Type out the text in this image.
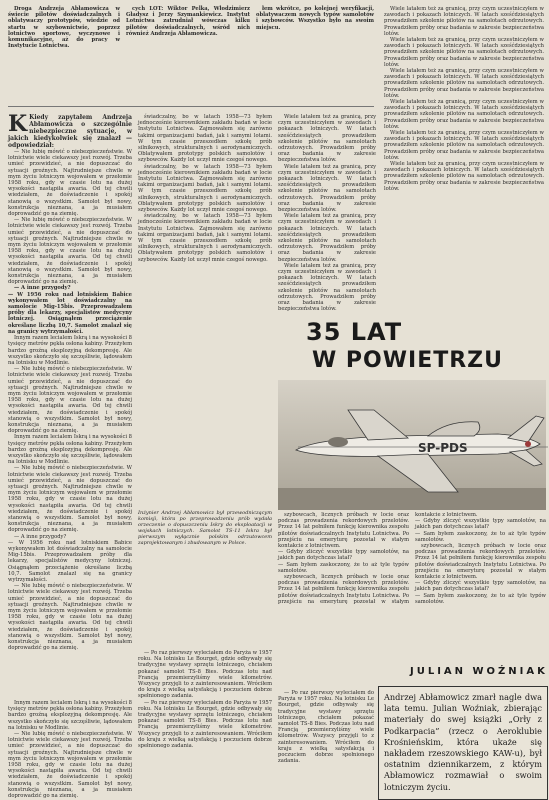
Droga Andrzeja Abłamowicza w świecie pilotów doświadczalnych i oblatywaczy prototypów, wiedzie od startu w szybownictwie, poprzez lotnictwo sportowe, wyczynowe i komunikacyjne, aż do pracy w Instytucie Lotnictwa.

cych LOT: Wiktor Pelka, Włodzimierz Gładysz i Jerzy Szymankiewicz. Instytut Lotnictwa zatrudniał wówczas kilku pilotów doświadczalnych, wśród nich również Andrzeja Abłamowicza.

łem wkrótce, po kolejnej weryfikacji, oblatywaczem nowych typów samolotów i szybowców. Wszystko było na swoim miejscu.

Wiele latałem też za granicą, przy czym uczestniczyłem w zawodach i pokazach lotniczych. W latach sześćdziesiątych prowadziłem szkolenie pilotów na samolotach odrzutowych. Prowadziłem próby oraz badania w zakresie bezpieczeństwa lotów.

Wiele latałem też za granicą, przy czym uczestniczyłem w zawodach i pokazach lotniczych. W latach sześćdziesiątych prowadziłem szkolenie pilotów na samolotach odrzutowych. Prowadziłem próby oraz badania w zakresie bezpieczeństwa lotów.

Wiele latałem też za granicą, przy czym uczestniczyłem w zawodach i pokazach lotniczych. W latach sześćdziesiątych prowadziłem szkolenie pilotów na samolotach odrzutowych. Prowadziłem próby oraz badania w zakresie bezpieczeństwa lotów.

Wiele latałem też za granicą, przy czym uczestniczyłem w zawodach i pokazach lotniczych. W latach sześćdziesiątych prowadziłem szkolenie pilotów na samolotach odrzutowych. Prowadziłem próby oraz badania w zakresie bezpieczeństwa lotów.

Wiele latałem też za granicą, przy czym uczestniczyłem w zawodach i pokazach lotniczych. W latach sześćdziesiątych prowadziłem szkolenie pilotów na samolotach odrzutowych. Prowadziłem próby oraz badania w zakresie bezpieczeństwa lotów.

Wiele latałem też za granicą, przy czym uczestniczyłem w zawodach i pokazach lotniczych. W latach sześćdziesiątych prowadziłem szkolenie pilotów na samolotach odrzutowych. Prowadziłem próby oraz badania w zakresie bezpieczeństwa lotów.

K Kiedy zapytałem Andrzeja Abłamowicza o szczególnie niebezpieczne sytuacje, w jakich kiedykolwiek się znalazł — odpowiedział:

— Nie lubię mówić o niebezpieczeństwie. W lotnictwie wiele ciekawszy jest rozwój. Trzeba umieć przewidzieć, a nie dopuszczać do sytuacji groźnych. Najtrudniejsze chwile w mym życiu lotniczym wojowałem w przełomie 1958 roku, gdy w czasie lotu na dużej wysokości nastąpiła awaria. Od tej chwili wiedziałem, że doświadczenie i spokój stanowią o wszystkim. Samolot był nowy, konstrukcja nieznana, a ja musiałem doprowadzić go na ziemię.

— Nie lubię mówić o niebezpieczeństwie. W lotnictwie wiele ciekawszy jest rozwój. Trzeba umieć przewidzieć, a nie dopuszczać do sytuacji groźnych. Najtrudniejsze chwile w mym życiu lotniczym wojowałem w przełomie 1958 roku, gdy w czasie lotu na dużej wysokości nastąpiła awaria. Od tej chwili wiedziałem, że doświadczenie i spokój stanowią o wszystkim. Samolot był nowy, konstrukcja nieznana, a ja musiałem doprowadzić go na ziemię.

— A inne przygody?
— W 1956 roku nad lotniskiem Babice wykonywałem lot doświadczalny na samolocie Mig-15bis. Przeprowadzałem próby dla lekarzy, specjalistów medycyny lotniczej. Osiągnąłem przeciążenie określane liczbą 10,7. Samolot znalazł się na granicy wytrzymałości.

Innym razem lecialem Iskrą i na wysokości 8 tysięcy metrów pękła osłona kabiny. Przeżyłem bardzo groźną eksplozyjną dekompresję. Ale wszystko skończyło się szczęśliwie, lądowałem na lotnisku w Modlinie.

— Nie lubię mówić o niebezpieczeństwie. W lotnictwie wiele ciekawszy jest rozwój. Trzeba umieć przewidzieć, a nie dopuszczać do sytuacji groźnych. Najtrudniejsze chwile w mym życiu lotniczym wojowałem w przełomie 1958 roku, gdy w czasie lotu na dużej wysokości nastąpiła awaria. Od tej chwili wiedziałem, że doświadczenie i spokój stanowią o wszystkim. Samolot był nowy, konstrukcja nieznana, a ja musiałem doprowadzić go na ziemię.

Innym razem lecialem Iskrą i na wysokości 8 tysięcy metrów pękła osłona kabiny. Przeżyłem bardzo groźną eksplozyjną dekompresję. Ale wszystko skończyło się szczęśliwie, lądowałem na lotnisku w Modlinie.

— Nie lubię mówić o niebezpieczeństwie. W lotnictwie wiele ciekawszy jest rozwój. Trzeba umieć przewidzieć, a nie dopuszczać do sytuacji groźnych. Najtrudniejsze chwile w mym życiu lotniczym wojowałem w przełomie 1958 roku, gdy w czasie lotu na dużej wysokości nastąpiła awaria. Od tej chwili wiedziałem, że doświadczenie i spokój stanowią o wszystkim. Samolot był nowy, konstrukcja nieznana, a ja musiałem doprowadzić go na ziemię.

— A inne przygody?
— W 1956 roku nad lotniskiem Babice wykonywałem lot doświadczalny na samolocie Mig-15bis. Przeprowadzałem próby dla lekarzy, specjalistów medycyny lotniczej. Osiągnąłem przeciążenie określane liczbą 10,7. Samolot znalazł się na granicy wytrzymałości.

— Nie lubię mówić o niebezpieczeństwie. W lotnictwie wiele ciekawszy jest rozwój. Trzeba umieć przewidzieć, a nie dopuszczać do sytuacji groźnych. Najtrudniejsze chwile w mym życiu lotniczym wojowałem w przełomie 1958 roku, gdy w czasie lotu na dużej wysokości nastąpiła awaria. Od tej chwili wiedziałem, że doświadczenie i spokój stanowią o wszystkim. Samolot był nowy, konstrukcja nieznana, a ja musiałem doprowadzić go na ziemię.

świadczalny, bo w latach 1958—73 byłem jednocześnie kierownikiem zakładu badań w locie Instytutu Lotnictwa. Zajmowałem się zarówno takimi organizacjami badań, jak i samymi lotami. W tym czasie przeszedłem szkołę prób silnikowych, strukturalnych i aerodynamicznych. Oblatywałem prototypy polskich samolotów i szybowców. Każdy lot uczył mnie czegoś nowego.

świadczalny, bo w latach 1958—73 byłem jednocześnie kierownikiem zakładu badań w locie Instytutu Lotnictwa. Zajmowałem się zarówno takimi organizacjami badań, jak i samymi lotami. W tym czasie przeszedłem szkołę prób silnikowych, strukturalnych i aerodynamicznych. Oblatywałem prototypy polskich samolotów i szybowców. Każdy lot uczył mnie czegoś nowego.

świadczalny, bo w latach 1958—73 byłem jednocześnie kierownikiem zakładu badań w locie Instytutu Lotnictwa. Zajmowałem się zarówno takimi organizacjami badań, jak i samymi lotami. W tym czasie przeszedłem szkołę prób silnikowych, strukturalnych i aerodynamicznych. Oblatywałem prototypy polskich samolotów i szybowców. Każdy lot uczył mnie czegoś nowego.

Wiele latałem też za granicą, przy czym uczestniczyłem w zawodach i pokazach lotniczych. W latach sześćdziesiątych prowadziłem szkolenie pilotów na samolotach odrzutowych. Prowadziłem próby oraz badania w zakresie bezpieczeństwa lotów.

Wiele latałem też za granicą, przy czym uczestniczyłem w zawodach i pokazach lotniczych. W latach sześćdziesiątych prowadziłem szkolenie pilotów na samolotach odrzutowych. Prowadziłem próby oraz badania w zakresie bezpieczeństwa lotów.

Wiele latałem też za granicą, przy czym uczestniczyłem w zawodach i pokazach lotniczych. W latach sześćdziesiątych prowadziłem szkolenie pilotów na samolotach odrzutowych. Prowadziłem próby oraz badania w zakresie bezpieczeństwa lotów.

Wiele latałem też za granicą, przy czym uczestniczyłem w zawodach i pokazach lotniczych. W latach sześćdziesiątych prowadziłem szkolenie pilotów na samolotach odrzutowych. Prowadziłem próby oraz badania w zakresie bezpieczeństwa lotów.

35 LAT
W POWIETRZU
SP-PDS
Inżynier Andrzej Abłamowicz był przewodniczącym komisji, która po przeprowadzeniu prób wydała orzeczenie o dopuszczeniu Iskry do eksploatacji w wojskach lotniczych. Samolot TS-11 Iskra był pierwszym wyłącznie polskim odrzutowcem zaprojektowanym i zbudowanym w Polsce.

— Po raz pierwszy wyleciałem do Paryża w 1957 roku. Na lotnisku Le Bourget, gdzie odbywały się tradycyjne wystawy sprzętu lotniczego, chciałem pokazać samolot TS-8 Bies. Podczas lotu nad Francją przemierzyliśmy wiele kilometrów. Wszyscy przyjęli to z zainteresowaniem. Wróciłem do kraju z wielką satysfakcją i poczuciem dobrze spełnionego zadania.

— Po raz pierwszy wyleciałem do Paryża w 1957 roku. Na lotnisku Le Bourget, gdzie odbywały się tradycyjne wystawy sprzętu lotniczego, chciałem pokazać samolot TS-8 Bies. Podczas lotu nad Francją przemierzyliśmy wiele kilometrów. Wszyscy przyjęli to z zainteresowaniem. Wróciłem do kraju z wielką satysfakcją i poczuciem dobrze spełnionego zadania.

Innym razem lecialem Iskrą i na wysokości 8 tysięcy metrów pękła osłona kabiny. Przeżyłem bardzo groźną eksplozyjną dekompresję. Ale wszystko skończyło się szczęśliwie, lądowałem na lotnisku w Modlinie.

— Nie lubię mówić o niebezpieczeństwie. W lotnictwie wiele ciekawszy jest rozwój. Trzeba umieć przewidzieć, a nie dopuszczać do sytuacji groźnych. Najtrudniejsze chwile w mym życiu lotniczym wojowałem w przełomie 1958 roku, gdy w czasie lotu na dużej wysokości nastąpiła awaria. Od tej chwili wiedziałem, że doświadczenie i spokój stanowią o wszystkim. Samolot był nowy, konstrukcja nieznana, a ja musiałem doprowadzić go na ziemię.

szybowcach, licznych próbach w locie oraz podczas prowadzenia rekordowych przelotów. Przez 14 lat pełniłem funkcję kierownika zespołu pilotów doświadczalnych Instytutu Lotnictwa. Po przejściu na emeryturę pozostał w stałym kontakcie z lotnictwem.
— Gdyby zliczyć wszystkie typy samolotów, na jakich pan dotychczas latał?
— Sam byłem zaskoczony, że to aż tyle typów samolotów.

szybowcach, licznych próbach w locie oraz podczas prowadzenia rekordowych przelotów. Przez 14 lat pełniłem funkcję kierownika zespołu pilotów doświadczalnych Instytutu Lotnictwa. Po przejściu na emeryturę pozostał w stałym kontakcie z lotnictwem.
— Gdyby zliczyć wszystkie typy samolotów, na jakich pan dotychczas latał?
— Sam byłem zaskoczony, że to aż tyle typów samolotów.

szybowcach, licznych próbach w locie oraz podczas prowadzenia rekordowych przelotów. Przez 14 lat pełniłem funkcję kierownika zespołu pilotów doświadczalnych Instytutu Lotnictwa. Po przejściu na emeryturę pozostał w stałym kontakcie z lotnictwem.
— Gdyby zliczyć wszystkie typy samolotów, na jakich pan dotychczas latał?
— Sam byłem zaskoczony, że to aż tyle typów samolotów.

JULIAN WOŹNIAK
Andrzej Abłamowicz zmarł nagle dwa lata temu. Julian Woźniak, zbierając materiały do swej książki „Orły z Podkarpacia” (rzecz o Aeroklubie Krośnieńskim, która ukaże się nakładem rzeszowskiego KAW-u), był ostatnim dziennikarzem, z którym Abłamowicz rozmawiał o swoim lotniczym życiu.

— Po raz pierwszy wyleciałem do Paryża w 1957 roku. Na lotnisku Le Bourget, gdzie odbywały się tradycyjne wystawy sprzętu lotniczego, chciałem pokazać samolot TS-8 Bies. Podczas lotu nad Francją przemierzyliśmy wiele kilometrów. Wszyscy przyjęli to z zainteresowaniem. Wróciłem do kraju z wielką satysfakcją i poczuciem dobrze spełnionego zadania.
